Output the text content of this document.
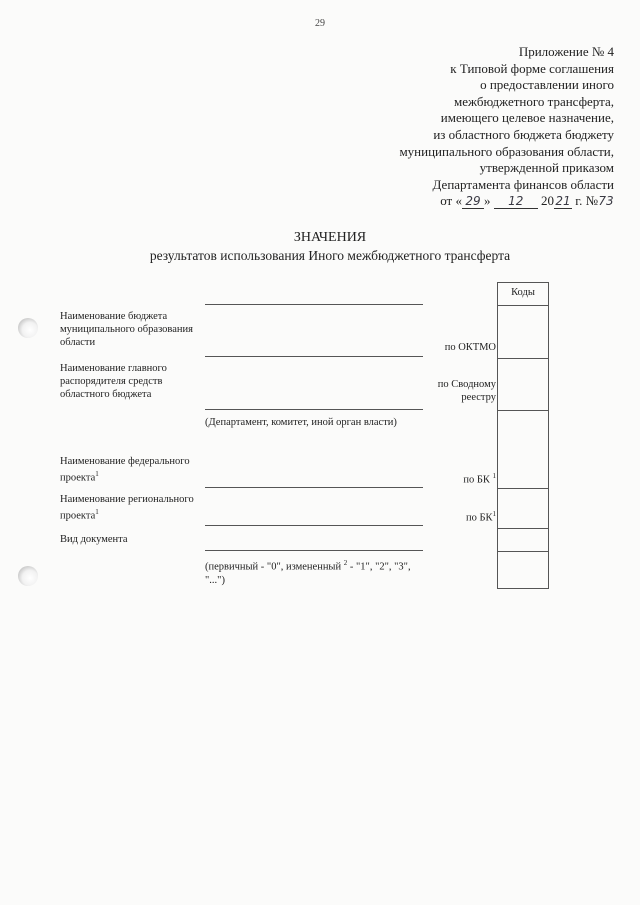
29
Приложение № 4
к Типовой форме соглашения
о предоставлении иного
межбюджетного трансферта,
имеющего целевое назначение,
из областного бюджета бюджету
муниципального образования области,
утвержденной приказом
Департамента финансов области
от « 29 » 12 2021 г. №73
ЗНАЧЕНИЯ
результатов использования Иного межбюджетного трансферта
Коды
Наименование бюджета муниципального образования области
Наименование главного распорядителя средств областного бюджета
Наименование федерального проекта$^1$
Наименование регионального проекта$^1$
Вид документа
по ОКТМО
по Сводному реестру
по БК $^1$
по $БК^1$
(Департамент, комитет, иной орган власти)
(первичный - "0", измененный $^2$ - "1", "2", "3", "...")
